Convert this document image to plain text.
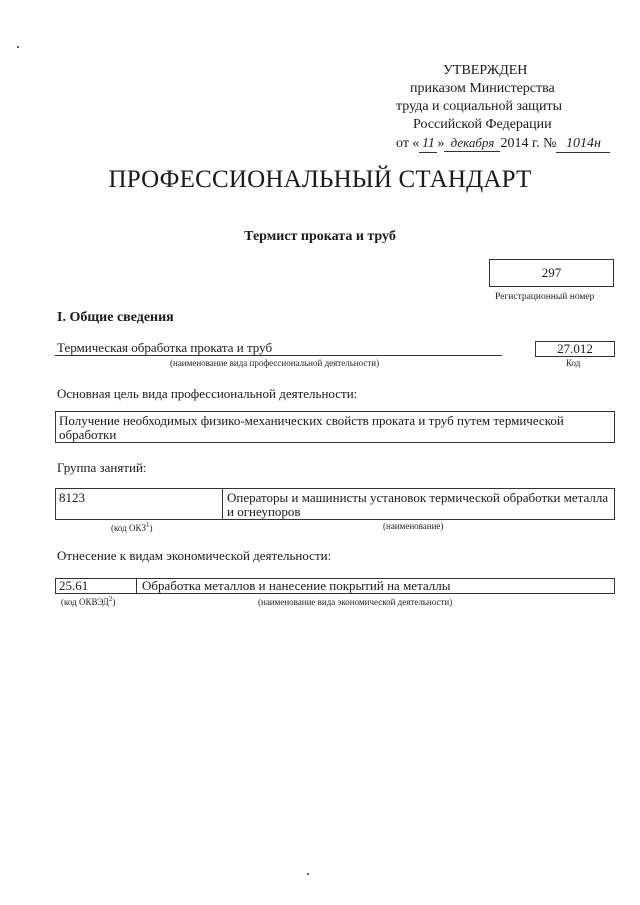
УТВЕРЖДЕН
приказом Министерства
труда и социальной защиты
Российской Федерации
от « 11 » декабря 2014 г. № 1014н
ПРОФЕССИОНАЛЬНЫЙ СТАНДАРТ
Термист проката и труб
297
Регистрационный номер
I. Общие сведения
Термическая обработка проката и труб
(наименование вида профессиональной деятельности)
27.012
Код
Основная цель вида профессиональной деятельности:
Получение необходимых физико-механических свойств проката и труб путем термической обработки
Группа занятий:
8123	Операторы и машинисты установок термической обработки металла и огнеупоров
(код ОКЗ$^1$)	(наименование)
Отнесение к видам экономической деятельности:
25.61	Обработка металлов и нанесение покрытий на металлы
(код ОКВЭД$^2$)	(наименование вида экономической деятельности)
